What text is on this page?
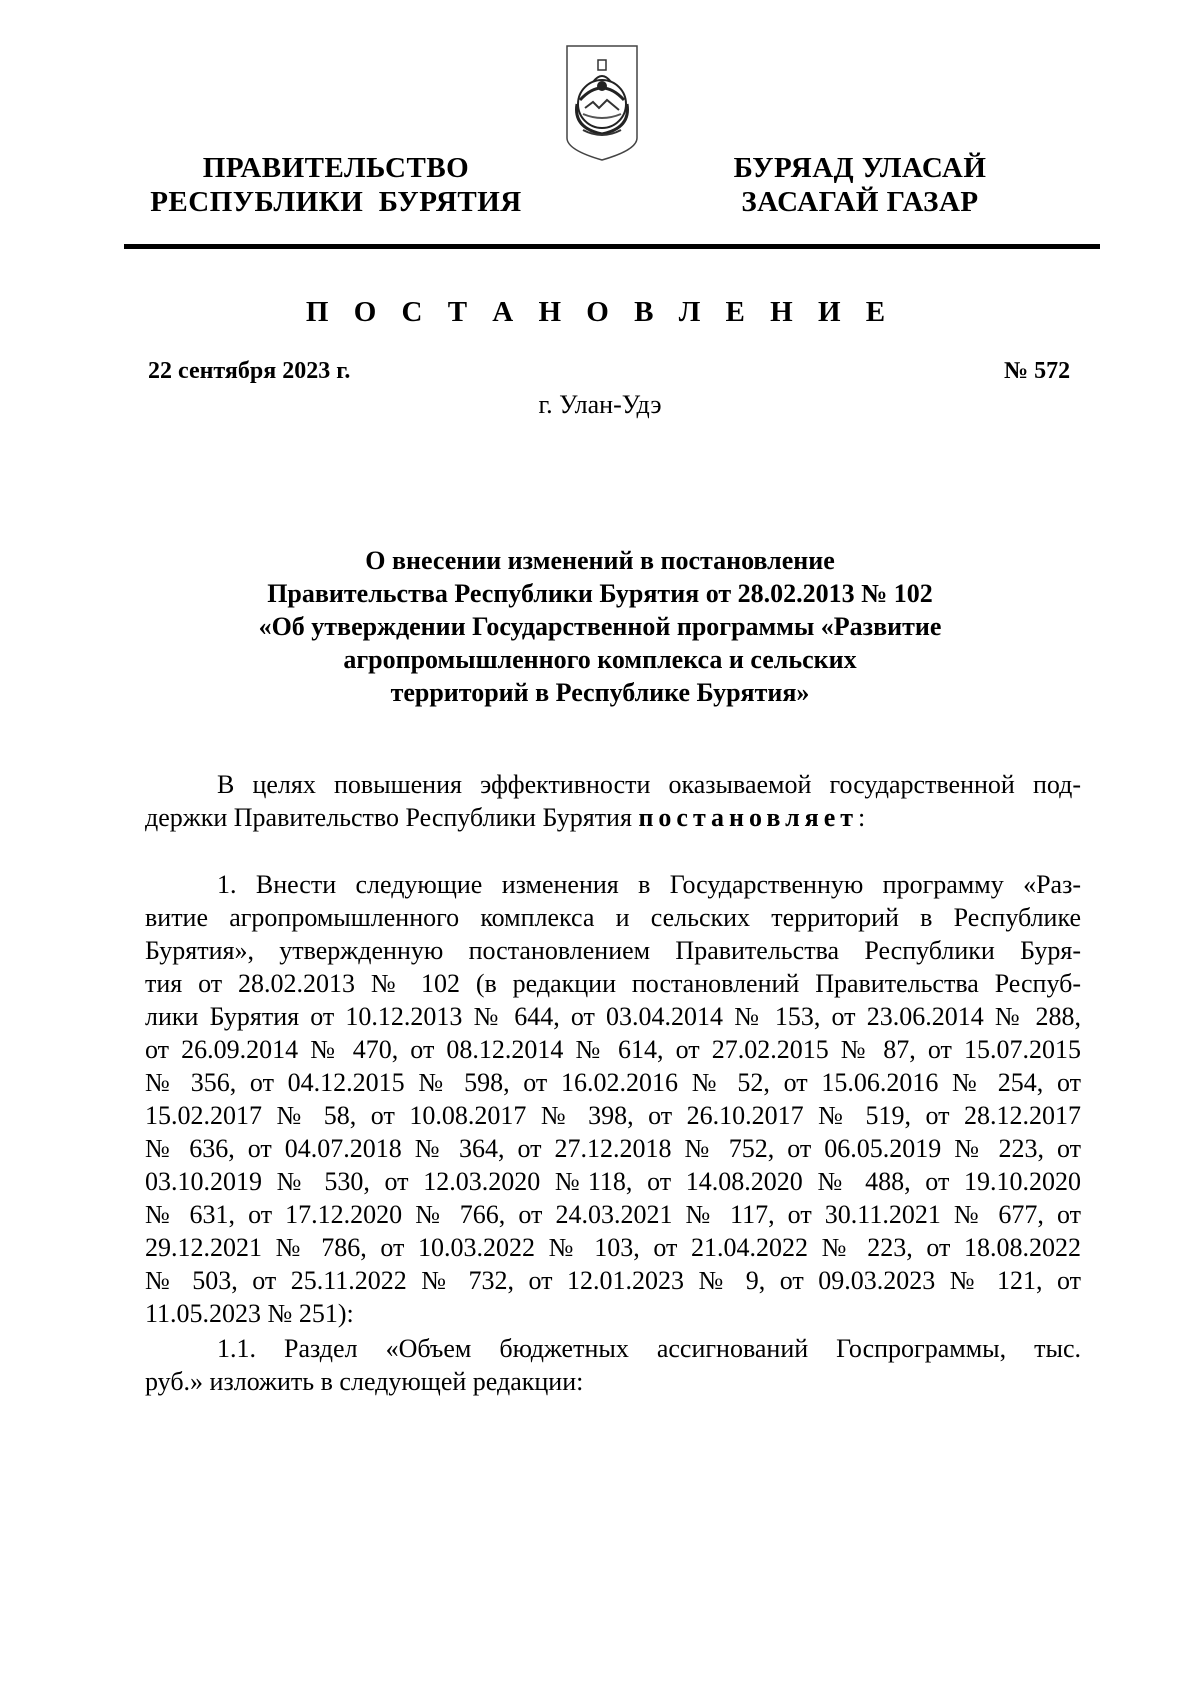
ПРАВИТЕЛЬСТВО
РЕСПУБЛИКИ  БУРЯТИЯ
БУРЯАД УЛАСАЙ
ЗАСАГАЙ ГАЗАР
П О С Т А Н О В Л Е Н И Е
22 сентября 2023 г.	№ 572
г. Улан-Удэ
О внесении изменений в постановление
Правительства Республики Бурятия от 28.02.2013 № 102
«Об утверждении Государственной программы «Развитие
агропромышленного комплекса и сельских
территорий в Республике Бурятия»
В целях повышения эффективности оказываемой государственной под-
держки Правительство Республики Бурятия постановляет:
1. Внести следующие изменения в Государственную программу «Раз-
витие агропромышленного комплекса и сельских территорий в Республике
Бурятия», утвержденную постановлением Правительства Республики Буря-
тия от 28.02.2013 № 102 (в редакции постановлений Правительства Респуб-
лики Бурятия от 10.12.2013 № 644, от 03.04.2014 № 153, от 23.06.2014 № 288,
от 26.09.2014 № 470, от 08.12.2014 № 614, от 27.02.2015 № 87, от 15.07.2015
№ 356, от 04.12.2015 № 598, от 16.02.2016 № 52, от 15.06.2016 № 254, от
15.02.2017 № 58, от 10.08.2017 № 398, от 26.10.2017 № 519, от 28.12.2017
№ 636, от 04.07.2018 № 364, от 27.12.2018 № 752, от 06.05.2019 № 223, от
03.10.2019 № 530, от 12.03.2020 №118, от 14.08.2020 № 488, от 19.10.2020
№ 631, от 17.12.2020 № 766, от 24.03.2021 № 117, от 30.11.2021 № 677, от
29.12.2021 № 786, от 10.03.2022 № 103, от 21.04.2022 № 223, от 18.08.2022
№ 503, от 25.11.2022 № 732, от 12.01.2023 № 9, от 09.03.2023 № 121, от
11.05.2023 № 251):
1.1. Раздел «Объем бюджетных ассигнований Госпрограммы, тыс.
руб.» изложить в следующей редакции:
